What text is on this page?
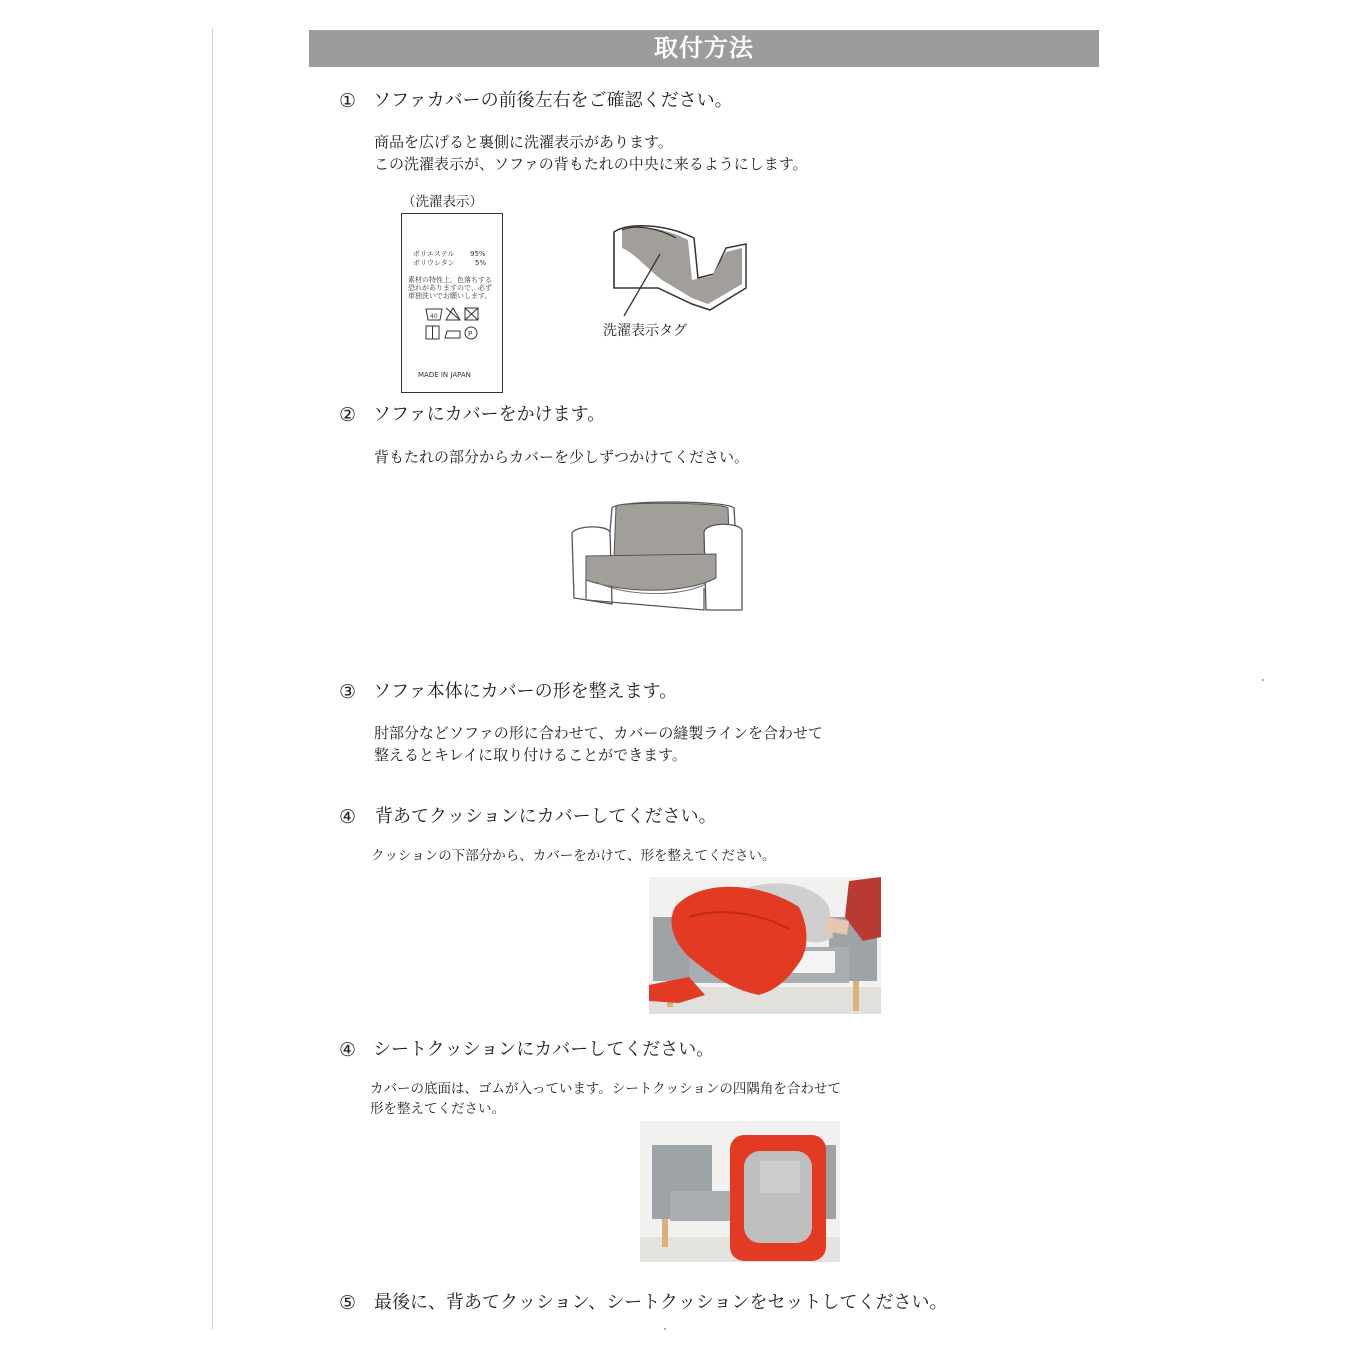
取付方法
① ソファカバーの前後左右をご確認ください。
商品を広げると裏側に洗濯表示があります。
この洗濯表示が、ソファの背もたれの中央に来るようにします。
（洗濯表示）
ポリエステル 95%
ポリウレタン	5%
素材の特性上、色落ちする
恐れがありますので、必ず
単独洗いでお願いします。
40
P
MADE IN JAPAN
洗濯表示タグ
② ソファにカバーをかけます。
背もたれの部分からカバーを少しずつかけてください。
③ ソファ本体にカバーの形を整えます。
肘部分などソファの形に合わせて、カバーの縫製ラインを合わせて
整えるとキレイに取り付けることができます。
④ 背あてクッションにカバーしてください。
クッションの下部分から、カバーをかけて、形を整えてください。
④ シートクッションにカバーしてください。
カバーの底面は、ゴムが入っています。シートクッションの四隅角を合わせて
形を整えてください。
⑤ 最後に、背あてクッション、シートクッションをセットしてください。
